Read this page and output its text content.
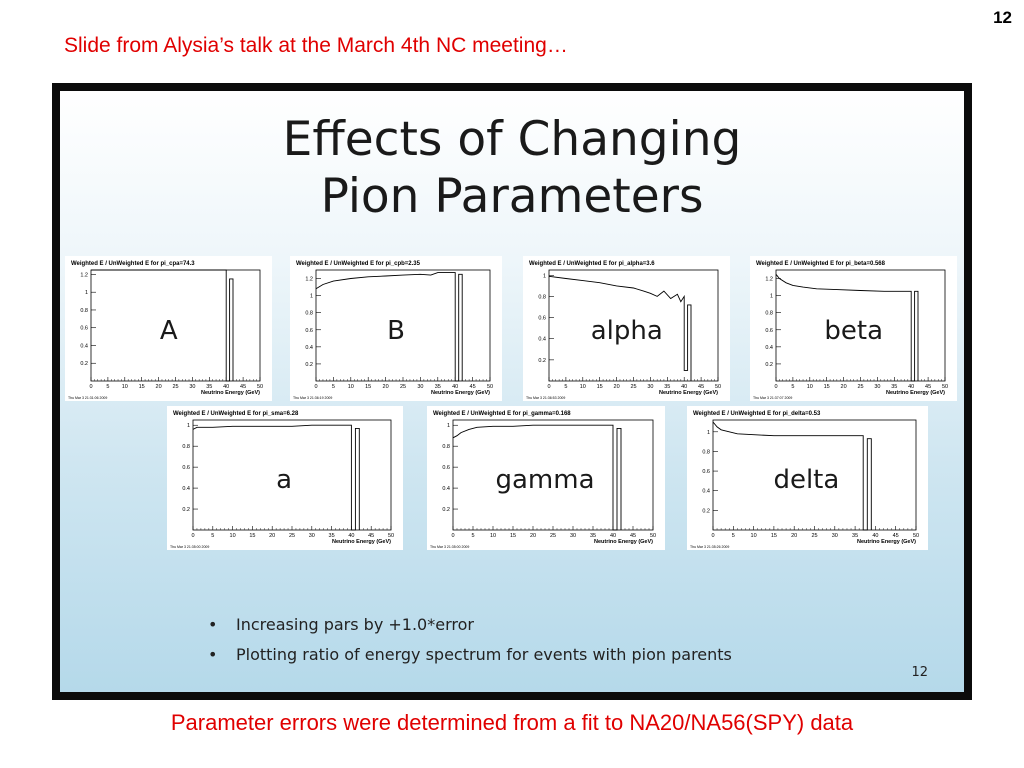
12
Slide from Alysia’s talk at the March 4th NC meeting…
Effects of Changing
Pion Parameters
Weighted E / UnWeighted E for pi_cpa=74.3
0	5 10 15 20 25 30 35 40 45 50
0.2
0.4
0.6
0.8
1
1.2
Neutrino Energy (GeV)
Thu Mar 3 21:31:06 2009
A
Weighted E / UnWeighted E for pi_cpb=2.35
0	5 10 15 20 25 30 35 40 45 50
0.2
0.4
0.6
0.8
1
1.2
Neutrino Energy (GeV)
Thu Mar 3 21:36:19 2009
B
Weighted E / UnWeighted E for pi_alpha=3.6
0	5 10 15 20 25 30 35 40 45 50
0.2
0.4
0.6
0.8
1
Neutrino Energy (GeV)
Thu Mar 3 21:36:53 2009
alpha
Weighted E / UnWeighted E for pi_beta=0.568
0	5 10 15 20 25 30 35 40 45 50
0.2
0.4
0.6
0.8
1
1.2
Neutrino Energy (GeV)
Thu Mar 3 21:37:07 2009
beta
Weighted E / UnWeighted E for pi_sma=6.28
0	5	10 15 20 25 30 35 40 45 50
0.2
0.4
0.6
0.8
1
Neutrino Energy (GeV)
Thu Mar 3 21:35:00 2009
a
Weighted E / UnWeighted E for pi_gamma=0.168
0	5	10	15	20	25	30	35	40	45	50
0.2
0.4
0.6
0.8
1
Neutrino Energy (GeV)
Thu Mar 3 21:35:00 2009
gamma
Weighted E / UnWeighted E for pi_delta=0.53
0	5	10	15	20	25	30	35	40	45	50
0.2
0.4
0.6
0.8
1
Neutrino Energy (GeV)
Thu Mar 3 21:35:26 2009
delta
• Increasing pars by +1.0*error
• Plotting ratio of energy spectrum for events with pion parents
12
Parameter errors were determined from a fit to NA20/NA56(SPY) data
